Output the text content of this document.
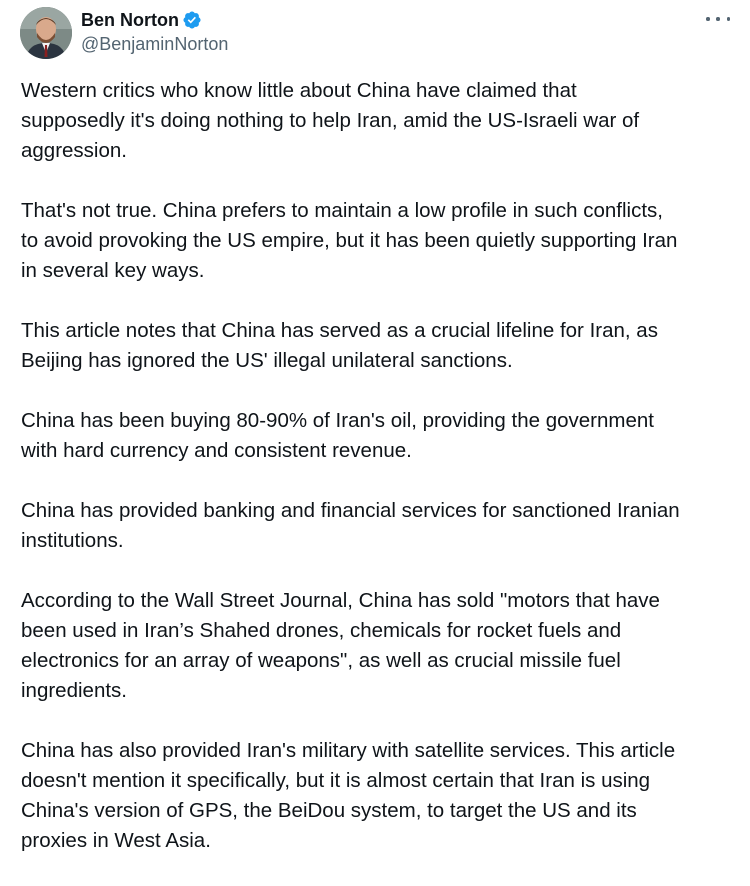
Ben Norton
@BenjaminNorton

Western critics who know little about China have claimed that
supposedly it's doing nothing to help Iran, amid the US-Israeli war of
aggression.

That's not true. China prefers to maintain a low profile in such conflicts,
to avoid provoking the US empire, but it has been quietly supporting Iran
in several key ways.

This article notes that China has served as a crucial lifeline for Iran, as
Beijing has ignored the US' illegal unilateral sanctions.

China has been buying 80-90% of Iran's oil, providing the government
with hard currency and consistent revenue.

China has provided banking and financial services for sanctioned Iranian
institutions.

According to the Wall Street Journal, China has sold "motors that have
been used in Iran’s Shahed drones, chemicals for rocket fuels and
electronics for an array of weapons", as well as crucial missile fuel
ingredients.

China has also provided Iran's military with satellite services. This article
doesn't mention it specifically, but it is almost certain that Iran is using
China's version of GPS, the BeiDou system, to target the US and its
proxies in West Asia.
